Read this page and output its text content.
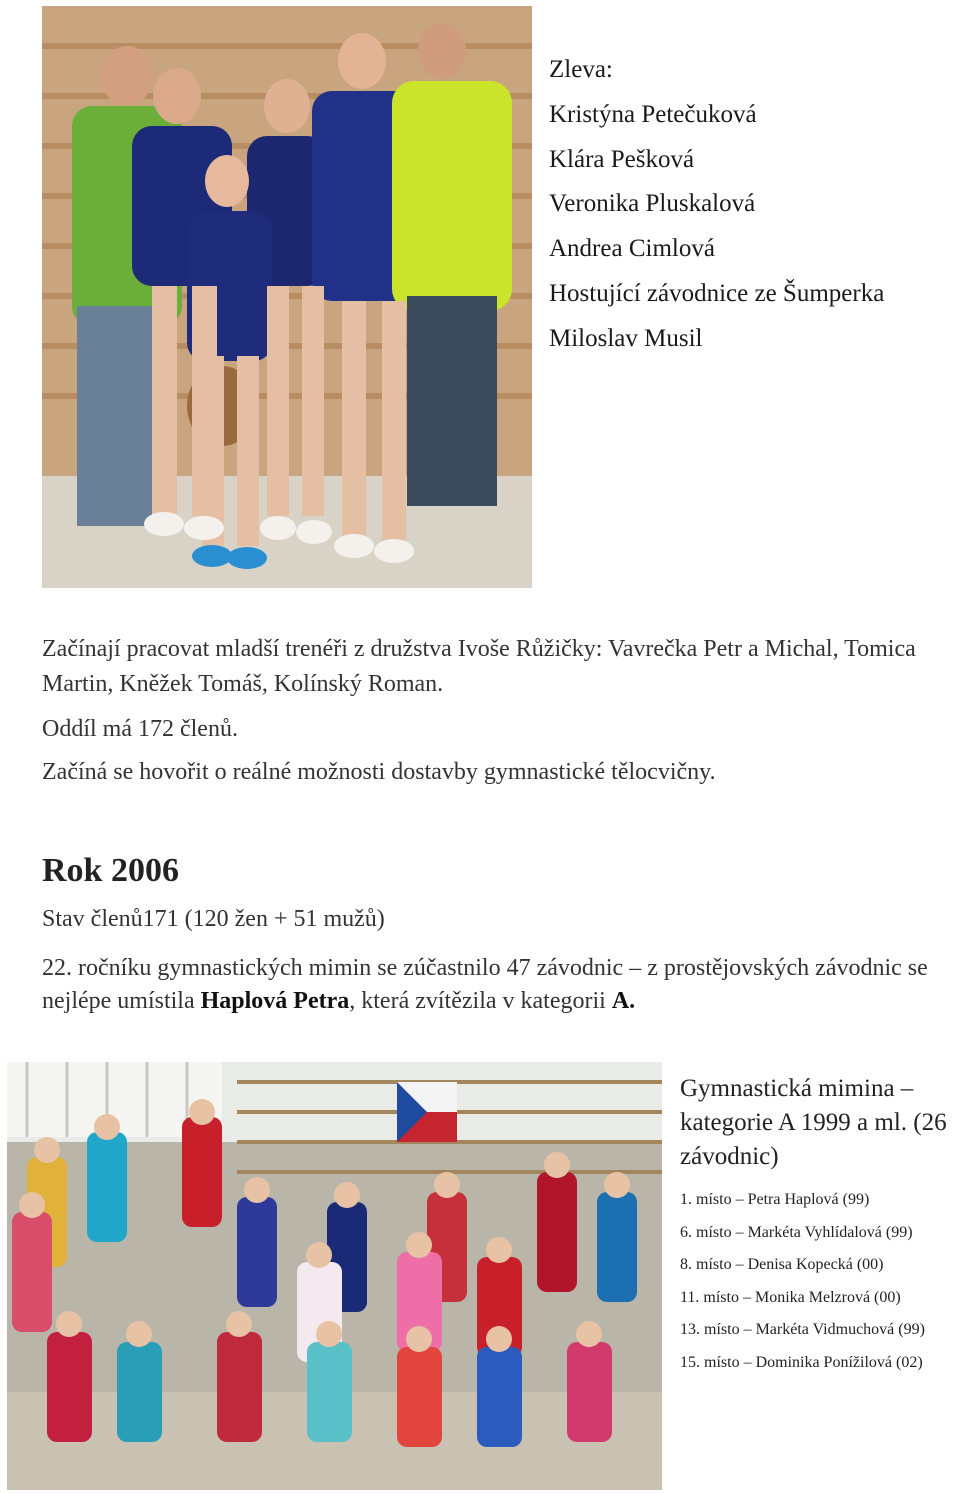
Zleva:
Kristýna Petečuková
Klára Pešková
Veronika Pluskalová
Andrea Cimlová
Hostující závodnice ze Šumperka
Miloslav Musil
Začínají pracovat mladší trenéři z družstva Ivoše Růžičky: Vavrečka Petr a Michal, Tomica Martin, Kněžek Tomáš, Kolínský Roman.
Oddíl má 172 členů.
Začíná se hovořit o reálné možnosti dostavby gymnastické tělocvičny.
Rok 2006
Stav členů171 (120 žen + 51 mužů)
22. ročníku gymnastických mimin se zúčastnilo 47 závodnic – z prostějovských závodnic se nejlépe umístila Haplová Petra, která zvítězila v kategorii A.
Gymnastická mimina – kategorie A 1999 a ml. (26 závodnic)
1. místo – Petra Haplová (99)
6. místo – Markéta Vyhlídalová (99)
8. místo – Denisa Kopecká (00)
11. místo – Monika Melzrová (00)
13. místo – Markéta Vidmuchová (99)
15. místo – Dominika Ponížilová (02)
